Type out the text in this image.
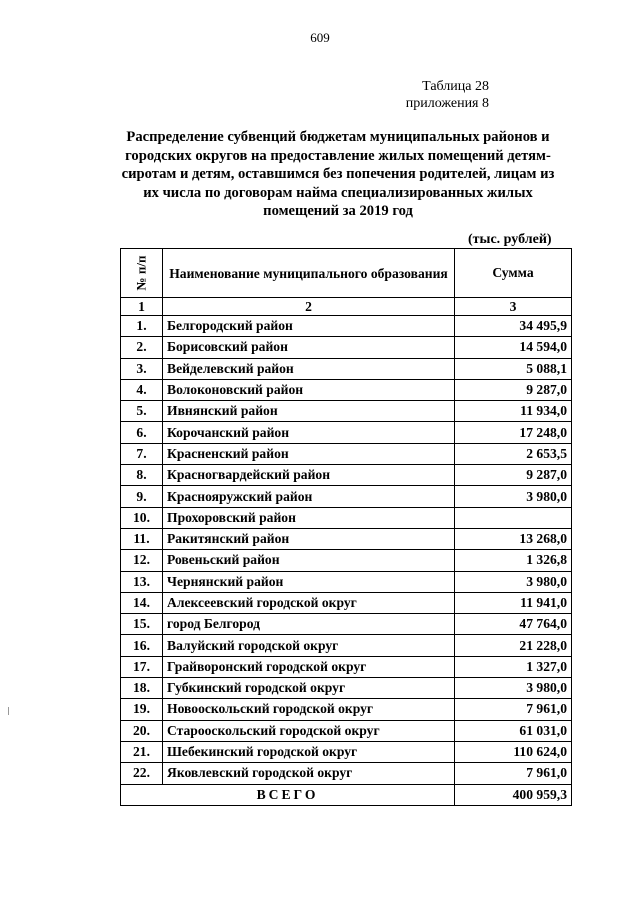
609
Таблица 28
приложения 8
Распределение субвенций бюджетам муниципальных районов и городских округов на предоставление жилых помещений детям-сиротам и детям, оставшимся без попечения родителей, лицам из их числа по договорам найма специализированных жилых помещений за 2019 год
(тыс. рублей)
№ п/п	Наименование муниципального образования	Сумма
1	2	3
1.	Белгородский район	34 495,9
2.	Борисовский район	14 594,0
3.	Вейделевский район	5 088,1
4.	Волоконовский район	9 287,0
5.	Ивнянский район	11 934,0
6.	Корочанский район	17 248,0
7.	Красненский район	2 653,5
8.	Красногвардейский район	9 287,0
9.	Краснояружский район	3 980,0
10.	Прохоровский район	
11.	Ракитянский район	13 268,0
12.	Ровеньский район	1 326,8
13.	Чернянский район	3 980,0
14.	Алексеевский городской округ	11 941,0
15.	город Белгород	47 764,0
16.	Валуйский городской округ	21 228,0
17.	Грайворонский городской округ	1 327,0
18.	Губкинский городской округ	3 980,0
19.	Новооскольский городской округ	7 961,0
20.	Старооскольский городской округ	61 031,0
21.	Шебекинский городской округ	110 624,0
22.	Яковлевский городской округ	7 961,0
ВСЕГО		400 959,3
